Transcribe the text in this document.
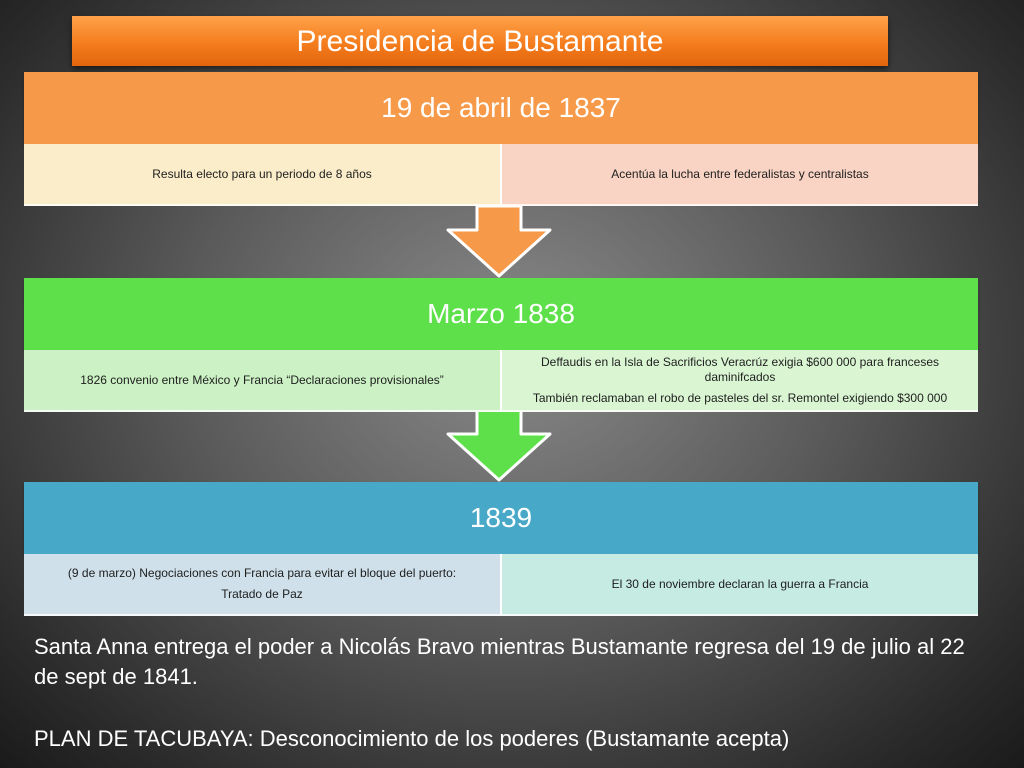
Presidencia de Bustamante
19 de abril de 1837

Resulta electo para un periodo de 8 años	Acentúa la lucha entre federalistas y centralistas

Marzo 1838

1826 convenio entre México y Francia “Declaraciones provisionales”

Deffaudis en la Isla de Sacrificios Veracrúz exigia $600 000 para franceses daminifcados

También reclamaban el robo de pasteles del sr. Remontel exigiendo $300 000

1839

(9 de marzo) Negociaciones con Francia para evitar el bloque del puerto:

Tratado de Paz

El 30 de noviembre declaran la guerra a Francia

Santa Anna entrega el poder a Nicolás Bravo mientras Bustamante regresa del 19 de julio al 22 de sept de 1841.
PLAN DE TACUBAYA: Desconocimiento de los poderes (Bustamante acepta)
